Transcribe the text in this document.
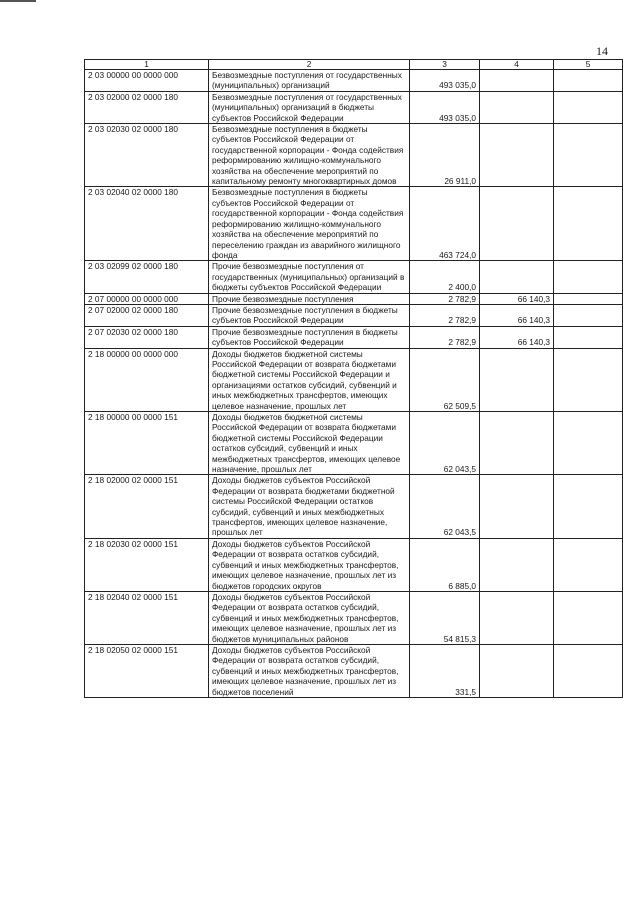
14
1	2	3	4	5
2 03 00000 00 0000 000	Безвозмездные поступления от государственных (муниципальных) организаций	493 035,0		
2 03 02000 02 0000 180	Безвозмездные поступления от государственных (муниципальных) организаций в бюджеты субъектов Российской Федерации	493 035,0		
2 03 02030 02 0000 180	Безвозмездные поступления в бюджеты субъектов Российской Федерации от государственной корпорации - Фонда содействия реформированию жилищно-коммунального хозяйства на обеспечение мероприятий по капитальному ремонту многоквартирных домов	26 911,0		
2 03 02040 02 0000 180	Безвозмездные поступления в бюджеты субъектов Российской Федерации от государственной корпорации - Фонда содействия реформированию жилищно-коммунального хозяйства на обеспечение мероприятий по переселению граждан из аварийного жилищного фонда	463 724,0		
2 03 02099 02 0000 180	Прочие безвозмездные поступления от государственных (муниципальных) организаций в бюджеты субъектов Российской Федерации	2 400,0		
2 07 00000 00 0000 000	Прочие безвозмездные поступления	2 782,9	66 140,3	
2 07 02000 02 0000 180	Прочие безвозмездные поступления в бюджеты субъектов Российской Федерации	2 782,9	66 140,3	
2 07 02030 02 0000 180	Прочие безвозмездные поступления в бюджеты субъектов Российской Федерации	2 782,9	66 140,3	
2 18 00000 00 0000 000	Доходы бюджетов бюджетной системы Российской Федерации от возврата бюджетами бюджетной системы Российской Федерации и организациями остатков субсидий, субвенций и иных межбюджетных трансфертов, имеющих целевое назначение, прошлых лет	62 509,5		
2 18 00000 00 0000 151	Доходы бюджетов бюджетной системы Российской Федерации от возврата бюджетами бюджетной системы Российской Федерации остатков субсидий, субвенций и иных межбюджетных трансфертов, имеющих целевое назначение, прошлых лет	62 043,5		
2 18 02000 02 0000 151	Доходы бюджетов субъектов Российской Федерации от возврата бюджетами бюджетной системы Российской Федерации остатков субсидий, субвенций и иных межбюджетных трансфертов, имеющих целевое назначение, прошлых лет	62 043,5		
2 18 02030 02 0000 151	Доходы бюджетов субъектов Российской Федерации от возврата остатков субсидий, субвенций и иных межбюджетных трансфертов, имеющих целевое назначение, прошлых лет из бюджетов городских округов	6 885,0		
2 18 02040 02 0000 151	Доходы бюджетов субъектов Российской Федерации от возврата остатков субсидий, субвенций и иных межбюджетных трансфертов, имеющих целевое назначение, прошлых лет из бюджетов муниципальных районов	54 815,3		
2 18 02050 02 0000 151	Доходы бюджетов субъектов Российской Федерации от возврата остатков субсидий, субвенций и иных межбюджетных трансфертов, имеющих целевое назначение, прошлых лет из бюджетов поселений	331,5		
